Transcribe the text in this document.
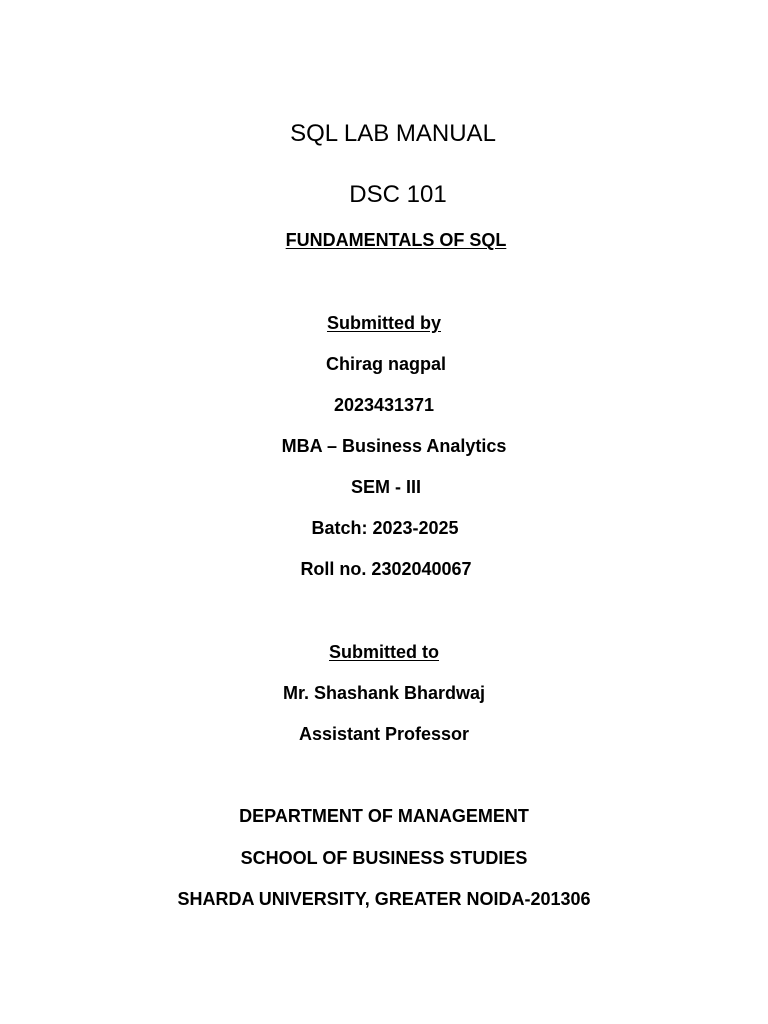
SQL LAB MANUAL
DSC 101
FUNDAMENTALS OF SQL
Submitted by
Chirag nagpal
2023431371
MBA – Business Analytics
SEM - III
Batch: 2023-2025
Roll no. 2302040067
Submitted to
Mr. Shashank Bhardwaj
Assistant Professor
DEPARTMENT OF MANAGEMENT
SCHOOL OF BUSINESS STUDIES
SHARDA UNIVERSITY, GREATER NOIDA-201306
